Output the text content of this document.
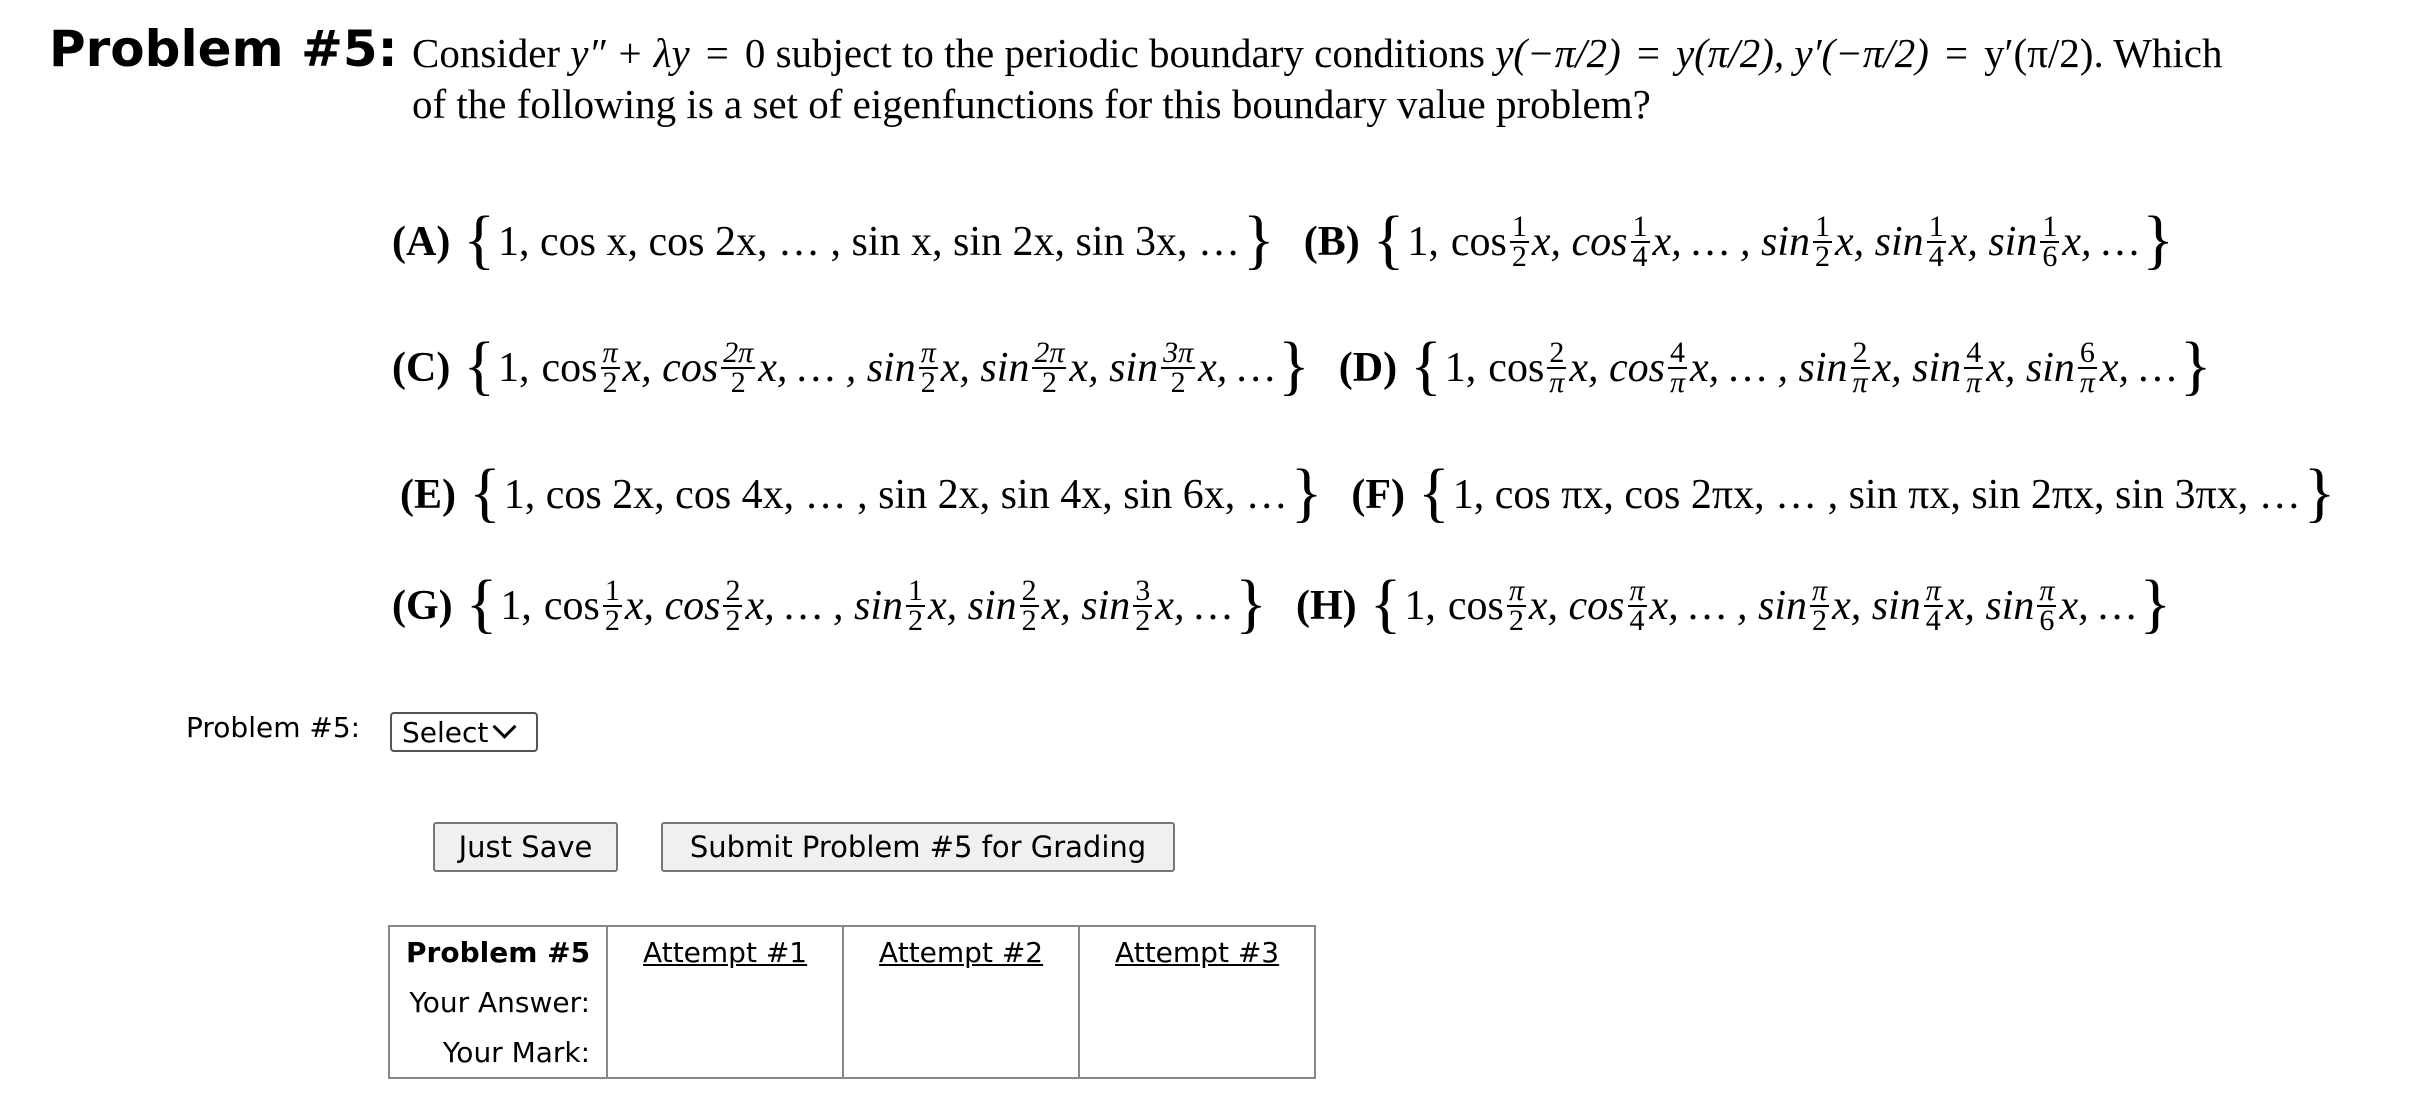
Problem #5: Consider y″ + λy = 0 subject to the periodic boundary conditions y(−π/2) = y(π/2), y′(−π/2) = y′(π/2). Which
of the following is a set of eigenfunctions for this boundary value problem?
(A) { 1, cos x, cos 2x, … , sin x, sin 2x, sin 3x, … } (B) { 1, $\cos \frac{1}{2} x$, $\cos \frac{1}{4} x$, … , $\sin \frac{1}{2} x$, $\sin \frac{1}{4} x$, $\sin \frac{1}{6} x$, … }
(C) { 1, $\cos \frac{\pi}{2} x$, $\cos \frac{2\pi}{2} x$, … , $\sin \frac{\pi}{2} x$, $\sin \frac{2\pi}{2} x$, $\sin \frac{3\pi}{2} x$, … } (D) { 1, $\cos \frac{2}{\pi} x$, $\cos \frac{4}{\pi} x$, … , $\sin \frac{2}{\pi} x$, $\sin \frac{4}{\pi} x$, $\sin \frac{6}{\pi} x$, … }
(E) { 1, cos 2x, cos 4x, … , sin 2x, sin 4x, sin 6x, … } (F) { 1, cos πx, cos 2πx, … , sin πx, sin 2πx, sin 3πx, … }
(G) { 1, $\cos \frac{1}{2} x$, $\cos \frac{2}{2} x$, … , $\sin \frac{1}{2} x$, $\sin \frac{2}{2} x$, $\sin \frac{3}{2} x$, … } (H) { 1, $\cos \frac{\pi}{2} x$, $\cos \frac{\pi}{4} x$, … , $\sin \frac{\pi}{2} x$, $\sin \frac{\pi}{4} x$, $\sin \frac{\pi}{6} x$, … }
Problem #5: Select
Just Save	Submit Problem #5 for Grading
Problem #5	Attempt #1	Attempt #2	Attempt #3
Your Answer:			
Your Mark:			
